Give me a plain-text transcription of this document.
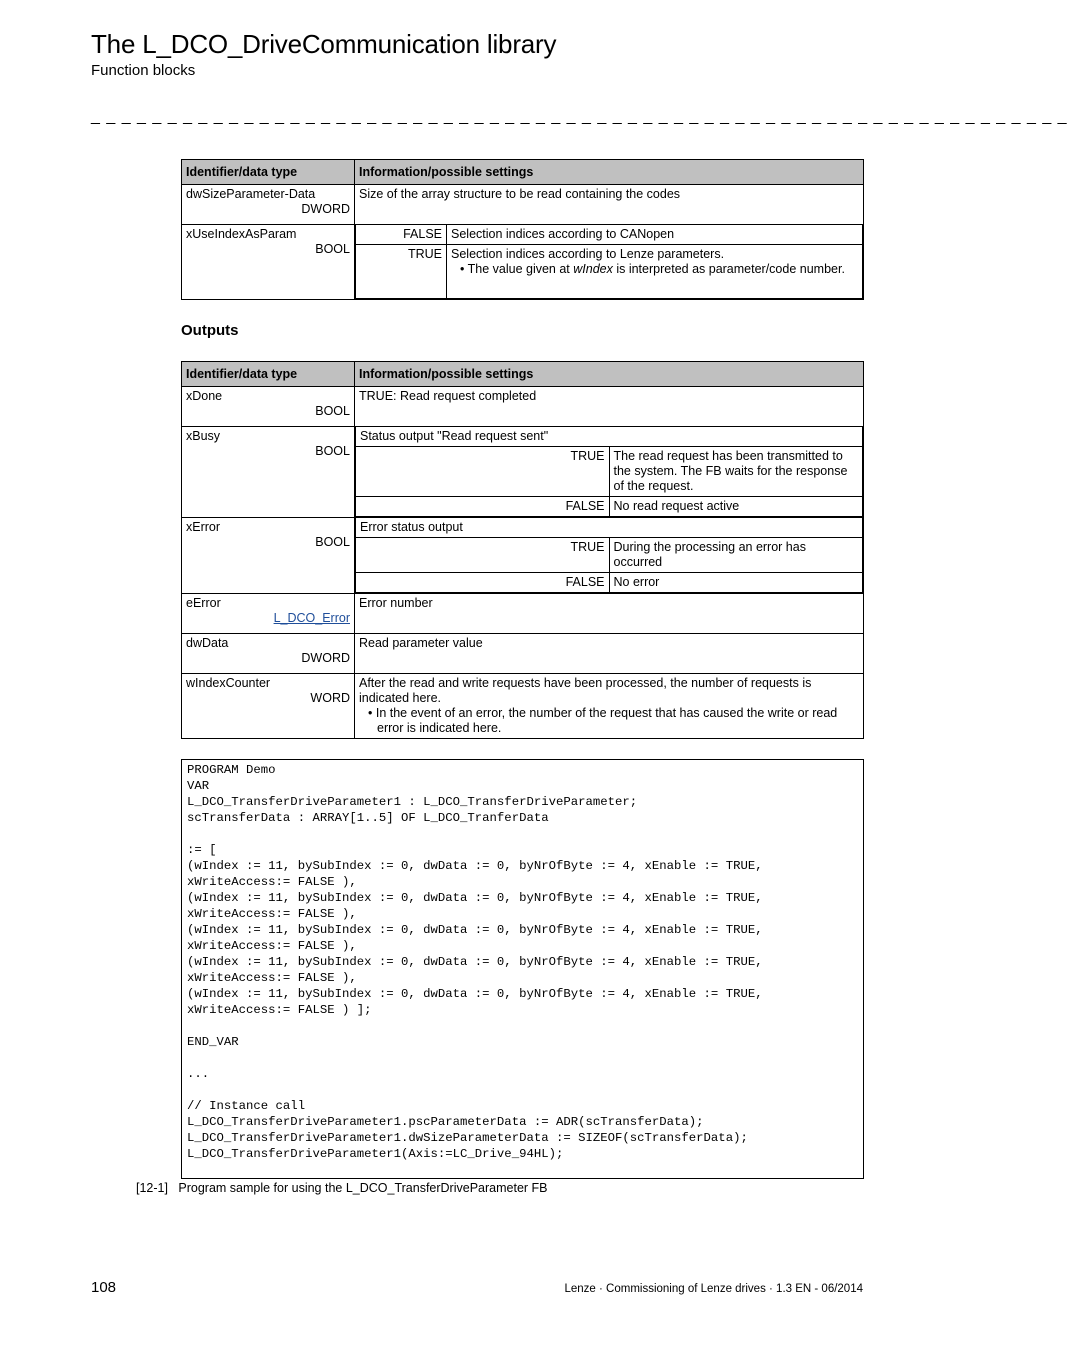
The L_DCO_DriveCommunication library
Function blocks
_ _ _ _ _ _ _ _ _ _ _ _ _ _ _ _ _ _ _ _ _ _ _ _ _ _ _ _ _ _ _ _ _ _ _ _ _ _ _ _ _ _ _ _ _ _ _ _ _ _ _ _ _ _ _ _ _ _ _ _ _ _ _ _
Identifier/data type	Information/possible settings
dwSizeParameter-Data
DWORD
	Size of the array structure to be read containing the codes
xUseIndexAsParam
BOOL

FALSE	Selection indices according to CANopen
TRUE	Selection indices according to Lenze parameters.
• The value given at wIndex is interpreted as parameter/code number.
Outputs
Identifier/data type	Information/possible settings
xDone
BOOL
	TRUE: Read request completed
xBusy
BOOL

Status output "Read request sent"
TRUE	The read request has been transmitted to the system. The FB waits for the response of the request.
FALSE	No read request active

xError
BOOL

Error status output
TRUE	During the processing an error has occurred
FALSE	No error

eError
L_DCO_Error
	Error number
dwData
DWORD
	Read parameter value
wIndexCounter
WORD

After the read and write requests have been processed, the number of requests is indicated here.
• In the event of an error, the number of the request that has caused the write or read error is indicated here.
PROGRAM Demo
VAR
L_DCO_TransferDriveParameter1 : L_DCO_TransferDriveParameter;
scTransferData : ARRAY[1..5] OF L_DCO_TranferData

:= [
(wIndex := 11, bySubIndex := 0, dwData := 0, byNrOfByte := 4, xEnable := TRUE,
xWriteAccess:= FALSE ),
(wIndex := 11, bySubIndex := 0, dwData := 0, byNrOfByte := 4, xEnable := TRUE,
xWriteAccess:= FALSE ),
(wIndex := 11, bySubIndex := 0, dwData := 0, byNrOfByte := 4, xEnable := TRUE,
xWriteAccess:= FALSE ),
(wIndex := 11, bySubIndex := 0, dwData := 0, byNrOfByte := 4, xEnable := TRUE,
xWriteAccess:= FALSE ),
(wIndex := 11, bySubIndex := 0, dwData := 0, byNrOfByte := 4, xEnable := TRUE,
xWriteAccess:= FALSE ) ];

END_VAR

...

// Instance call
L_DCO_TransferDriveParameter1.pscParameterData := ADR(scTransferData);
L_DCO_TransferDriveParameter1.dwSizeParameterData := SIZEOF(scTransferData);
L_DCO_TransferDriveParameter1(Axis:=LC_Drive_94HL);
[12-1]   Program sample for using the L_DCO_TransferDriveParameter FB
108	Lenze · Commissioning of Lenze drives · 1.3 EN - 06/2014
